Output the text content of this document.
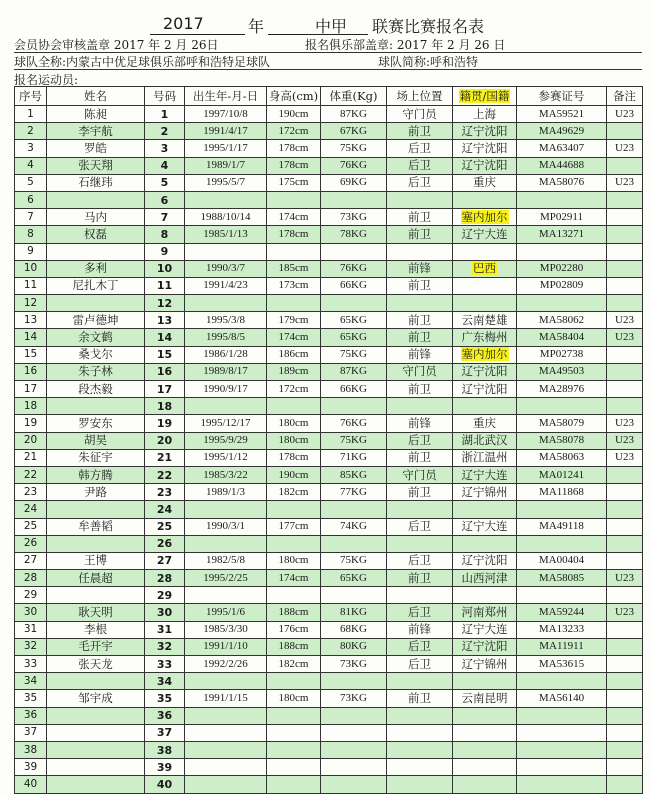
2017	年	中甲 联赛比赛报名表
会员协会审核盖章 2017 年 2 月 26日	报名俱乐部盖章: 2017 年 2 月 26 日
球队全称:内蒙古中优足球俱乐部呼和浩特足球队	球队简称:呼和浩特
报名运动员:
序号	姓名	号码	出生年-月-日	身高(cm)	体重(Kg)	场上位置	籍贯/国籍	参赛证号	备注
1	陈昶	1	1997/10/8	190cm	87KG	守门员	上海	MA59521	U23
2	李宇航	2	1991/4/17	172cm	67KG	前卫	辽宁沈阳	MA49629	
3	罗皓	3	1995/1/17	178cm	75KG	后卫	辽宁沈阳	MA63407	U23
4	张天翔	4	1989/1/7	178cm	76KG	后卫	辽宁沈阳	MA44688	
5	石继玮	5	1995/5/7	175cm	69KG	后卫	重庆	MA58076	U23
6		6							
7	马内	7	1988/10/14	174cm	73KG	前卫	塞内加尔	MP02911	
8	权磊	8	1985/1/13	178cm	78KG	前卫	辽宁大连	MA13271	
9		9							
10	多利	10	1990/3/7	185cm	76KG	前锋	巴西	MP02280	
11	尼扎木丁	11	1991/4/23	173cm	66KG	前卫		MP02809	
12		12							
13	雷卢德坤	13	1995/3/8	179cm	65KG	前卫	云南楚雄	MA58062	U23
14	余文鹤	14	1995/8/5	174cm	65KG	前卫	广东梅州	MA58404	U23
15	桑戈尔	15	1986/1/28	186cm	75KG	前锋	塞内加尔	MP02738	
16	朱子林	16	1989/8/17	189cm	87KG	守门员	辽宁沈阳	MA49503	
17	段杰毅	17	1990/9/17	172cm	66KG	前卫	辽宁沈阳	MA28976	
18		18							
19	罗安东	19	1995/12/17	180cm	76KG	前锋	重庆	MA58079	U23
20	胡昊	20	1995/9/29	180cm	75KG	后卫	湖北武汉	MA58078	U23
21	朱征宇	21	1995/1/12	178cm	71KG	前卫	浙江温州	MA58063	U23
22	韩方腾	22	1985/3/22	190cm	85KG	守门员	辽宁大连	MA01241	
23	尹路	23	1989/1/3	182cm	77KG	前卫	辽宁锦州	MA11868	
24		24							
25	牟善韬	25	1990/3/1	177cm	74KG	后卫	辽宁大连	MA49118	
26		26							
27	王博	27	1982/5/8	180cm	75KG	后卫	辽宁沈阳	MA00404	
28	任晨超	28	1995/2/25	174cm	65KG	前卫	山西河津	MA58085	U23
29		29							
30	耿天明	30	1995/1/6	188cm	81KG	后卫	河南郑州	MA59244	U23
31	李根	31	1985/3/30	176cm	68KG	前锋	辽宁大连	MA13233	
32	毛开宇	32	1991/1/10	188cm	80KG	后卫	辽宁沈阳	MA11911	
33	张天龙	33	1992/2/26	182cm	73KG	后卫	辽宁锦州	MA53615	
34		34							
35	邹宇成	35	1991/1/15	180cm	73KG	前卫	云南昆明	MA56140	
36		36							
37		37							
38		38							
39		39							
40		40							
